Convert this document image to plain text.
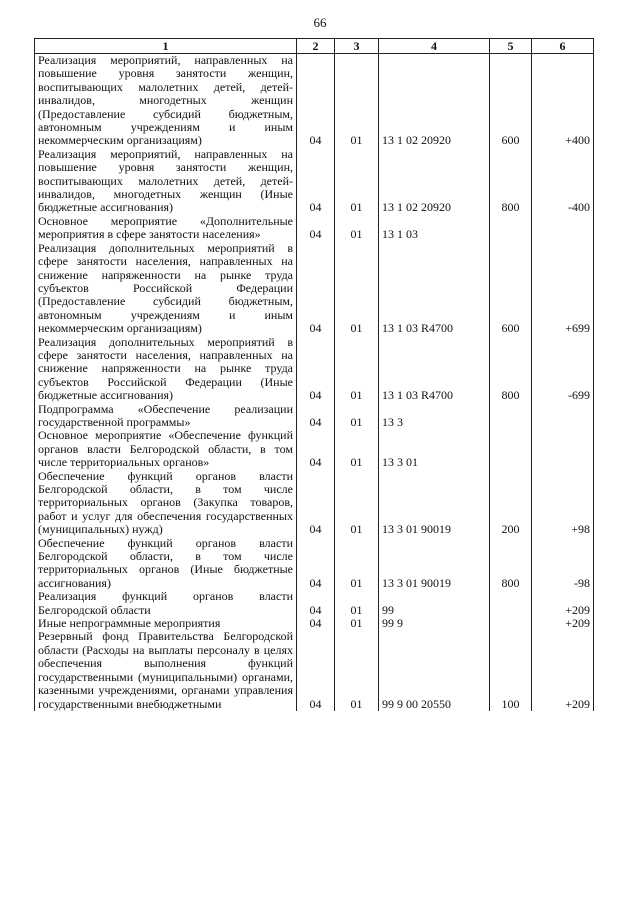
66
1	2	3	4	5	6
Реализация мероприятий, направленных на повышение уровня занятости женщин, воспитывающих малолетних детей, детей-инвалидов, многодетных женщин (Предоставление субсидий бюджетным, автономным учреждениям и иным некоммерческим организациям)	04	01	13 1 02 20920	600	+400
Реализация мероприятий, направленных на повышение уровня занятости женщин, воспитывающих малолетних детей, детей-инвалидов, многодетных женщин (Иные бюджетные ассигнования)	04	01	13 1 02 20920	800	-400
Основное мероприятие «Дополнительные мероприятия в сфере занятости населения»	04	01	13 1 03		
Реализация дополнительных мероприятий в сфере занятости населения, направленных на снижение напряженности на рынке труда субъектов Российской Федерации (Предоставление субсидий бюджетным, автономным учреждениям и иным некоммерческим организациям)	04	01	13 1 03 R4700	600	+699
Реализация дополнительных мероприятий в сфере занятости населения, направленных на снижение напряженности на рынке труда субъектов Российской Федерации (Иные бюджетные ассигнования)	04	01	13 1 03 R4700	800	-699
Подпрограмма «Обеспечение реализации государственной программы»	04	01	13 3		
Основное мероприятие «Обеспечение функций органов власти Белгородской области, в том числе территориальных органов»	04	01	13 3 01		
Обеспечение функций органов власти Белгородской области, в том числе территориальных органов (Закупка товаров, работ и услуг для обеспечения государственных (муниципальных) нужд)	04	01	13 3 01 90019	200	+98
Обеспечение функций органов власти Белгородской области, в том числе территориальных органов (Иные бюджетные ассигнования)	04	01	13 3 01 90019	800	-98
Реализация функций органов власти Белгородской области	04	01	99		+209
Иные непрограммные мероприятия	04	01	99 9		+209
Резервный фонд Правительства Белгородской области (Расходы на выплаты персоналу в целях обеспечения выполнения функций государственными (муниципальными) органами, казенными учреждениями, органами управления государственными внебюджетными	04	01	99 9 00 20550	100	+209
